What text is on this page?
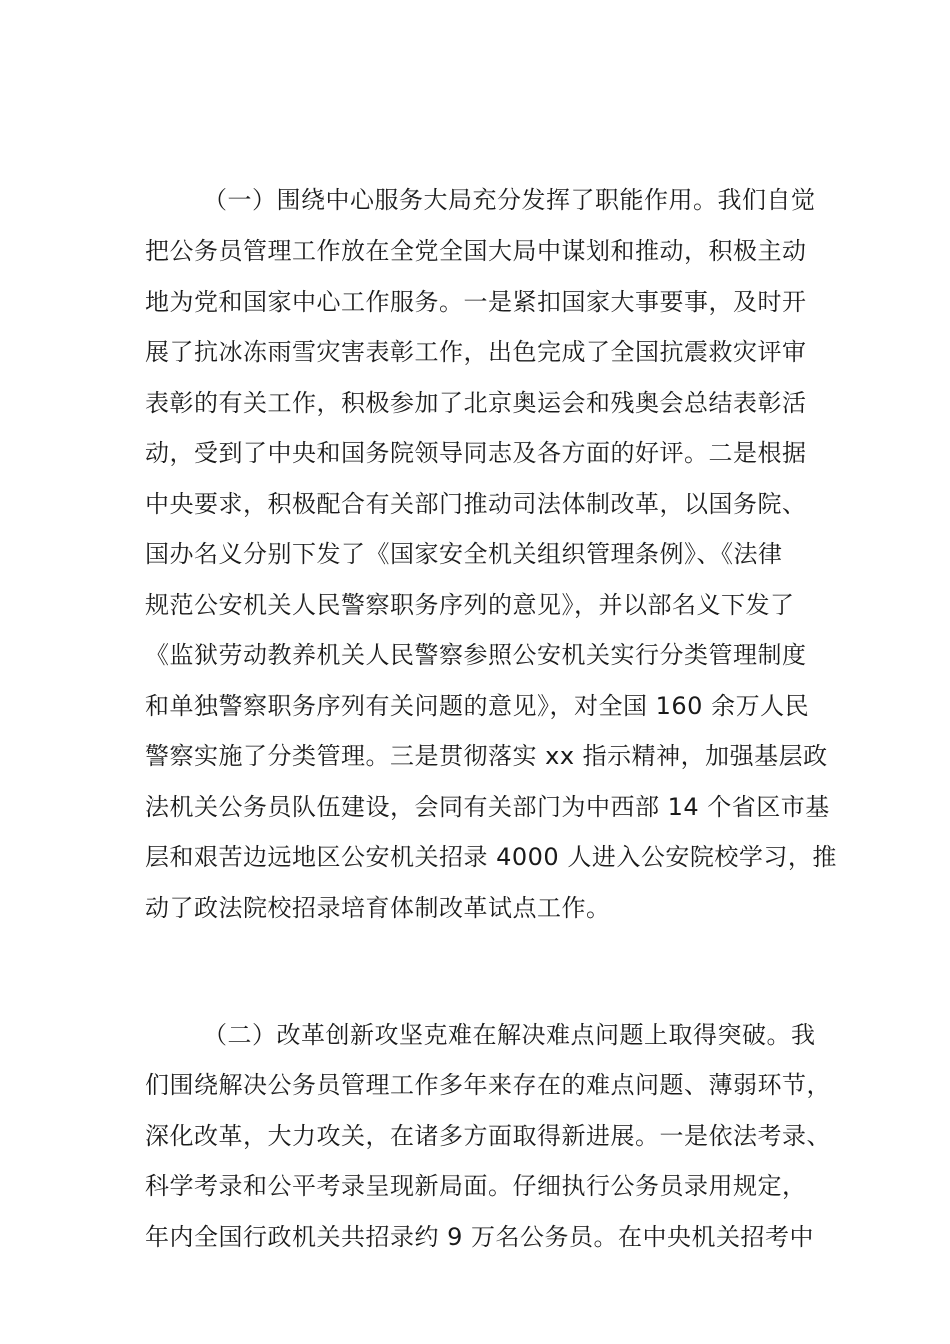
（一）围绕中心服务大局充分发挥了职能作用。我们自觉
把公务员管理工作放在全党全国大局中谋划和推动，积极主动
地为党和国家中心工作服务。一是紧扣国家大事要事，及时开
展了抗冰冻雨雪灾害表彰工作，出色完成了全国抗震救灾评审
表彰的有关工作，积极参加了北京奥运会和残奥会总结表彰活
动，受到了中央和国务院领导同志及各方面的好评。二是根据
中央要求，积极配合有关部门推动司法体制改革，以国务院、
国办名义分别下发了《国家安全机关组织管理条例》、《法律
规范公安机关人民警察职务序列的意见》，并以部名义下发了
《监狱劳动教养机关人民警察参照公安机关实行分类管理制度
和单独警察职务序列有关问题的意见》，对全国 160 余万人民
警察实施了分类管理。三是贯彻落实 xx 指示精神，加强基层政
法机关公务员队伍建设，会同有关部门为中西部 14 个省区市基
层和艰苦边远地区公安机关招录 4000 人进入公安院校学习，推
动了政法院校招录培育体制改革试点工作。
（二）改革创新攻坚克难在解决难点问题上取得突破。我
们围绕解决公务员管理工作多年来存在的难点问题、薄弱环节，
深化改革，大力攻关，在诸多方面取得新进展。一是依法考录、
科学考录和公平考录呈现新局面。仔细执行公务员录用规定，
年内全国行政机关共招录约 9 万名公务员。在中央机关招考中
